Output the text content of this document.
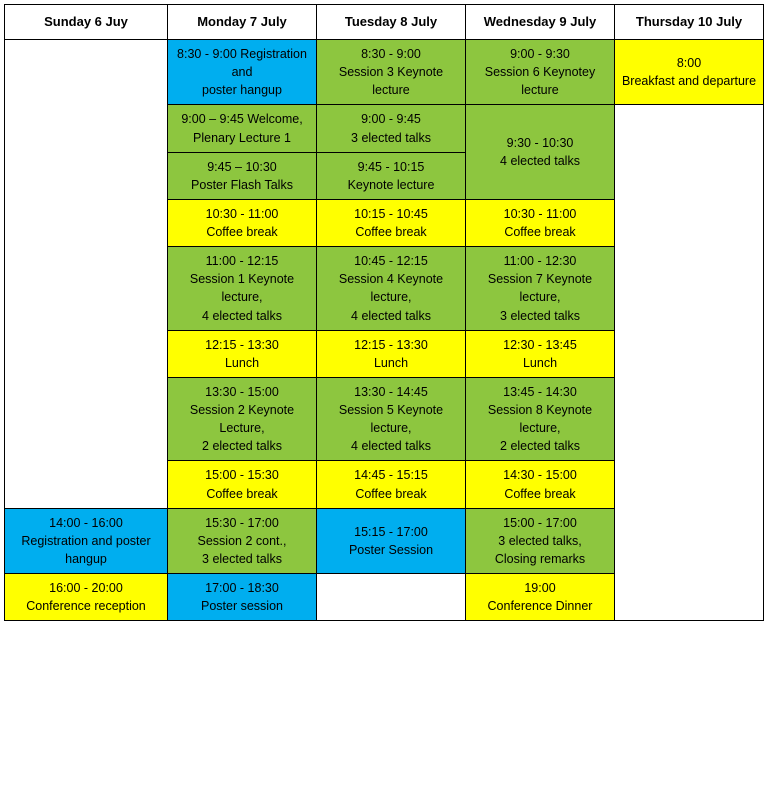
Sunday 6 Juy	Monday 7 July	Tuesday 8 July	Wednesday 9 July	Thursday 10 July

	8:30 - 9:00 Registration and
poster hangup	8:30 - 9:00
Session 3 Keynote
lecture	9:00 - 9:30
Session 6 Keynotey
lecture	8:00
Breakfast and departure

	9:00 – 9:45 Welcome,
Plenary Lecture 1	9:00 - 9:45
3 elected talks	9:30 - 10:30
4 elected talks	

	9:45 – 10:30
Poster Flash Talks	9:45 - 10:15
Keynote lecture		

	10:30 - 11:00
Coffee break	10:15 - 10:45
Coffee break	10:30 - 11:00
Coffee break	

	11:00 - 12:15
Session 1 Keynote
lecture,
4 elected talks	10:45 - 12:15
Session 4 Keynote
lecture,
4 elected talks	11:00 - 12:30
Session 7 Keynote
lecture,
3 elected talks	

	12:15 - 13:30
Lunch	12:15 - 13:30
Lunch	12:30 - 13:45
Lunch	

	13:30 - 15:00
Session 2 Keynote
Lecture,
2 elected talks	13:30 - 14:45
Session 5 Keynote
lecture,
4 elected talks	13:45 - 14:30
Session 8 Keynote
lecture,
2 elected talks	

	15:00 - 15:30
Coffee break	14:45 - 15:15
Coffee break	14:30 - 15:00
Coffee break	

14:00 - 16:00
Registration and poster hangup	15:30 - 17:00
Session 2 cont.,
3 elected talks	15:15 - 17:00
Poster Session	15:00 - 17:00
3 elected talks,
Closing remarks	

16:00 - 20:00
Conference reception	17:00 - 18:30
Poster session		19:00
Conference Dinner	
